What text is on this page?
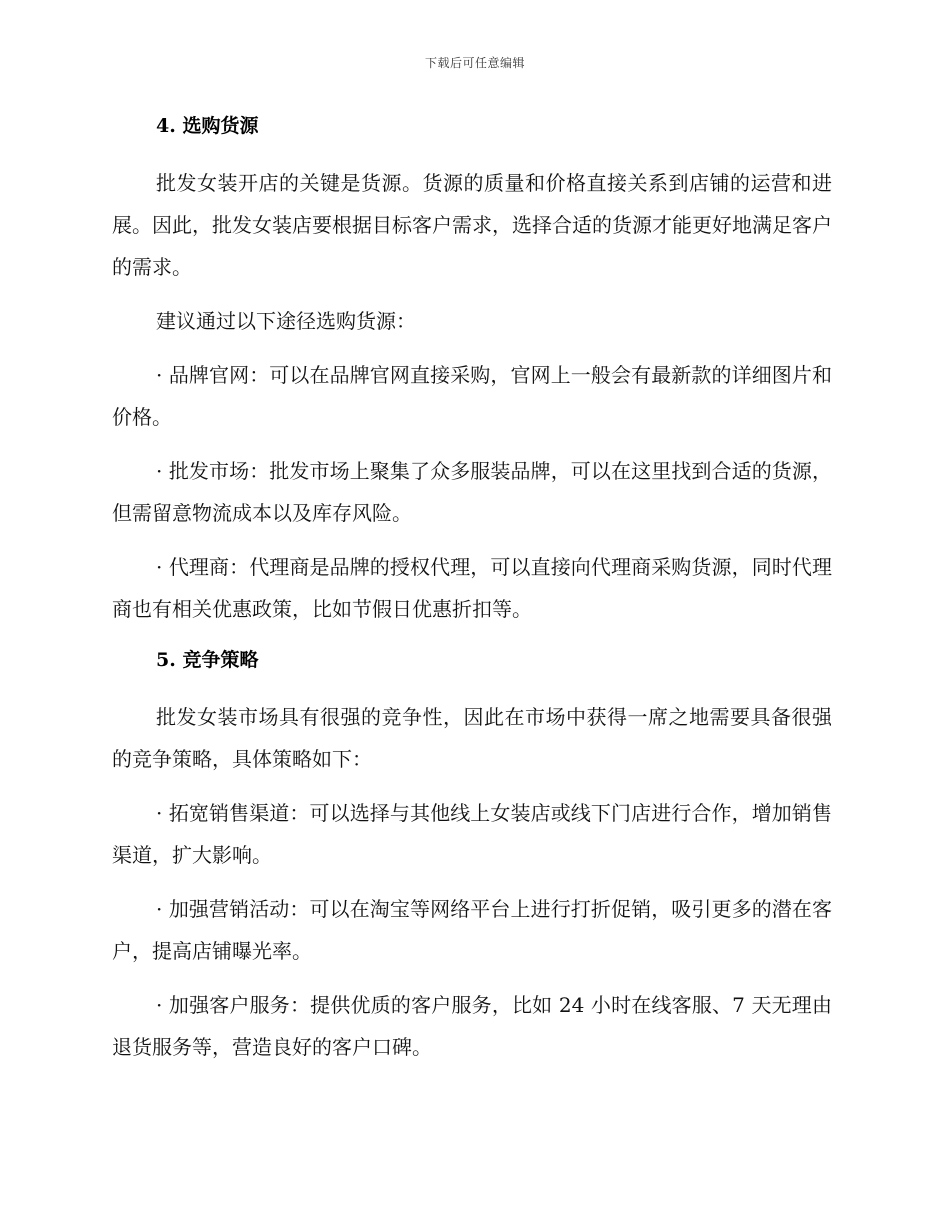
下载后可任意编辑
4. 选购货源

批发女装开店的关键是货源。货源的质量和价格直接关系到店铺的运营和进展。因此，批发女装店要根据目标客户需求，选择合适的货源才能更好地满足客户的需求。

建议通过以下途径选购货源：

· 品牌官网：可以在品牌官网直接采购，官网上一般会有最新款的详细图片和价格。

· 批发市场：批发市场上聚集了众多服装品牌，可以在这里找到合适的货源，但需留意物流成本以及库存风险。

· 代理商：代理商是品牌的授权代理，可以直接向代理商采购货源，同时代理商也有相关优惠政策，比如节假日优惠折扣等。

5. 竞争策略

批发女装市场具有很强的竞争性，因此在市场中获得一席之地需要具备很强的竞争策略，具体策略如下：

· 拓宽销售渠道：可以选择与其他线上女装店或线下门店进行合作，增加销售渠道，扩大影响。

· 加强营销活动：可以在淘宝等网络平台上进行打折促销，吸引更多的潜在客户，提高店铺曝光率。

· 加强客户服务：提供优质的客户服务，比如 24 小时在线客服、7 天无理由退货服务等，营造良好的客户口碑。
